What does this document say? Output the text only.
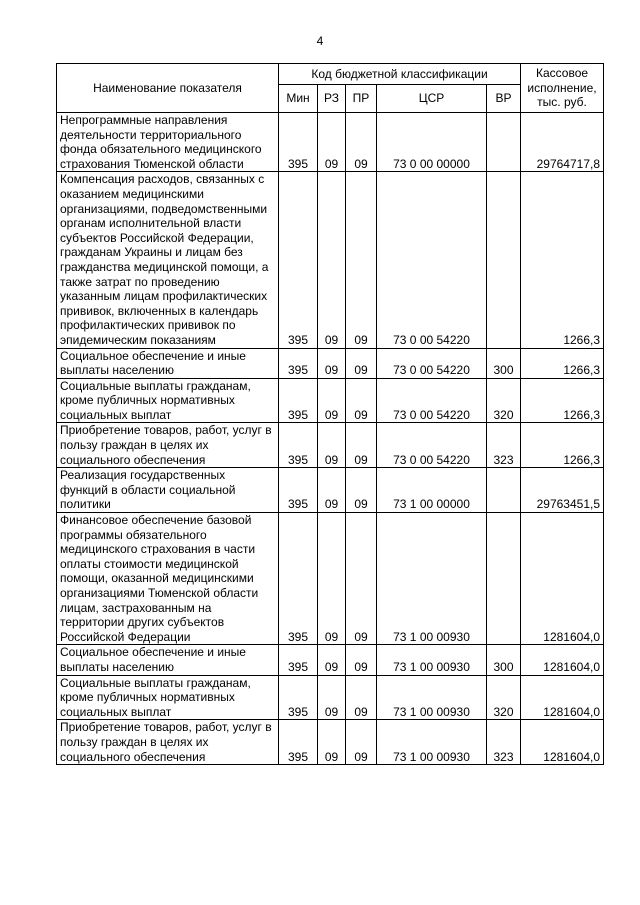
4
Наименование показателя	Код бюджетной классификации					Кассовое исполнение, тыс. руб.
	Мин	РЗ	ПР	ЦСР	ВР	
Непрограммные направления деятельности территориального фонда обязательного медицинского страхования Тюменской области	395	09	09	73 0 00 00000		29764717,8
Компенсация расходов, связанных с оказанием медицинскими организациями, подведомственными органам исполнительной власти субъектов Российской Федерации, гражданам Украины и лицам без гражданства медицинской помощи, а также затрат по проведению указанным лицам профилактических прививок, включенных в календарь профилактических прививок по эпидемическим показаниям	395	09	09	73 0 00 54220		1266,3
Социальное обеспечение и иные выплаты населению	395	09	09	73 0 00 54220	300	1266,3
Социальные выплаты гражданам, кроме публичных нормативных социальных выплат	395	09	09	73 0 00 54220	320	1266,3
Приобретение товаров, работ, услуг в пользу граждан в целях их социального обеспечения	395	09	09	73 0 00 54220	323	1266,3
Реализация государственных функций в области социальной политики	395	09	09	73 1 00 00000		29763451,5
Финансовое обеспечение базовой программы обязательного медицинского страхования в части оплаты стоимости медицинской помощи, оказанной медицинскими организациями Тюменской области лицам, застрахованным на территории других субъектов Российской Федерации	395	09	09	73 1 00 00930		1281604,0
Социальное обеспечение и иные выплаты населению	395	09	09	73 1 00 00930	300	1281604,0
Социальные выплаты гражданам, кроме публичных нормативных социальных выплат	395	09	09	73 1 00 00930	320	1281604,0
Приобретение товаров, работ, услуг в пользу граждан в целях их социального обеспечения	395	09	09	73 1 00 00930	323	1281604,0
